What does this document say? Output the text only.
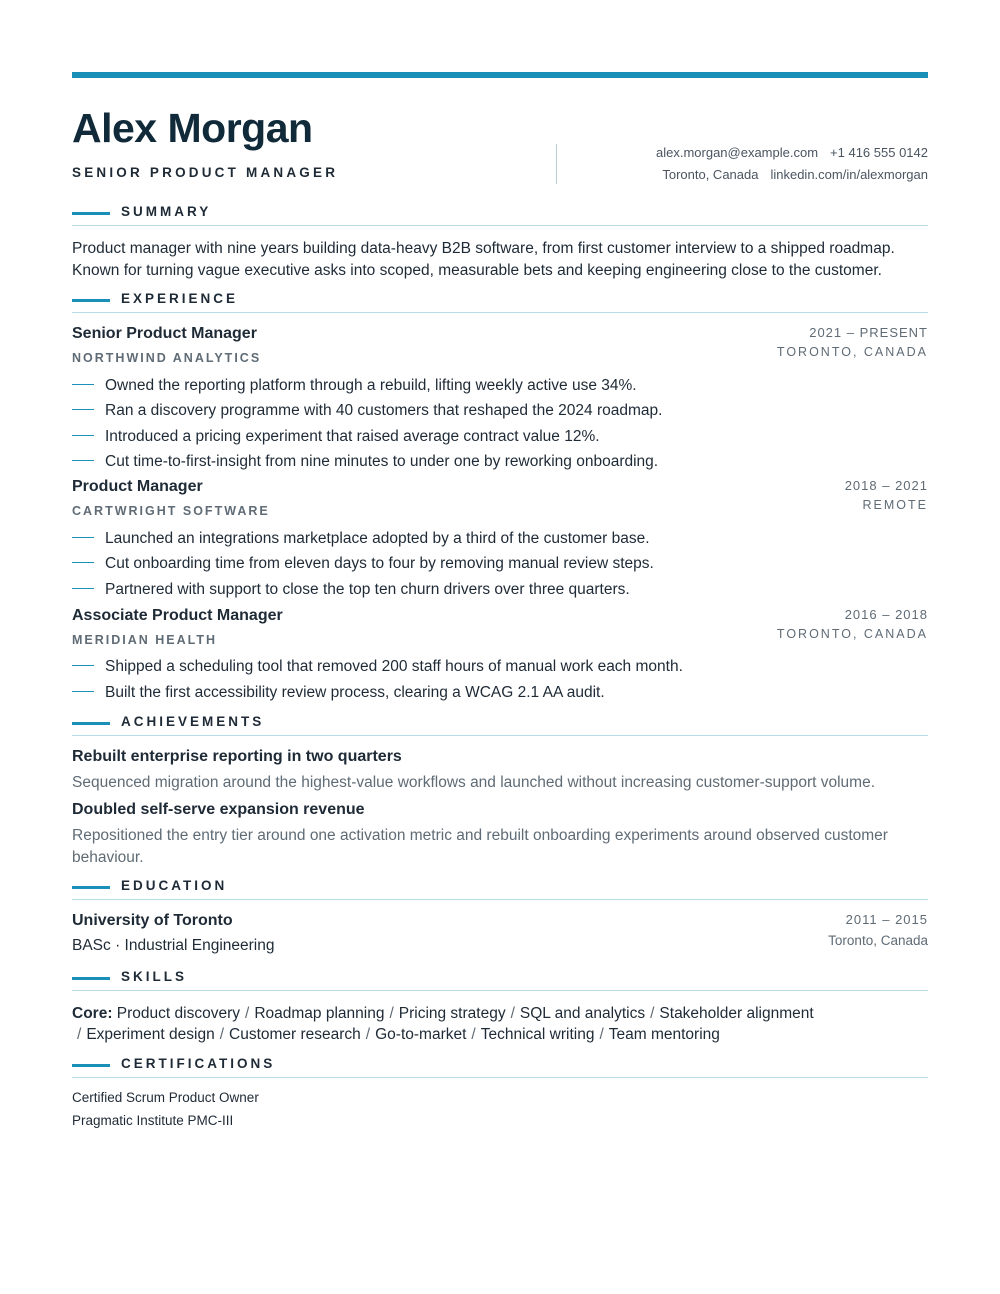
Alex Morgan
SENIOR PRODUCT MANAGER
alex.morgan@example.com +1 416 555 0142
Toronto, Canada linkedin.com/in/alexmorgan
SUMMARY

Product manager with nine years building data-heavy B2B software, from first customer interview to a shipped roadmap. Known for turning vague executive asks into scoped, measurable bets and keeping engineering close to the customer.

EXPERIENCE
Senior Product Manager
NORTHWIND ANALYTICS
2021 – PRESENT
TORONTO, CANADA
Owned the reporting platform through a rebuild, lifting weekly active use 34%.
Ran a discovery programme with 40 customers that reshaped the 2024 roadmap.
Introduced a pricing experiment that raised average contract value 12%.
Cut time-to-first-insight from nine minutes to under one by reworking onboarding.
Product Manager
CARTWRIGHT SOFTWARE
2018 – 2021
REMOTE
Launched an integrations marketplace adopted by a third of the customer base.
Cut onboarding time from eleven days to four by removing manual review steps.
Partnered with support to close the top ten churn drivers over three quarters.
Associate Product Manager
MERIDIAN HEALTH
2016 – 2018
TORONTO, CANADA
Shipped a scheduling tool that removed 200 staff hours of manual work each month.
Built the first accessibility review process, clearing a WCAG 2.1 AA audit.
ACHIEVEMENTS
Rebuilt enterprise reporting in two quarters
Sequenced migration around the highest-value workflows and launched without increasing customer-support volume.
Doubled self-serve expansion revenue
Repositioned the entry tier around one activation metric and rebuilt onboarding experiments around observed customer behaviour.
EDUCATION
University of Toronto
BASc · Industrial Engineering
2011 – 2015
Toronto, Canada
SKILLS
Core: Product discovery / Roadmap planning / Pricing strategy / SQL and analytics / Stakeholder alignment
/ Experiment design / Customer research / Go-to-market / Technical writing / Team mentoring
CERTIFICATIONS
Certified Scrum Product Owner
Pragmatic Institute PMC-III
